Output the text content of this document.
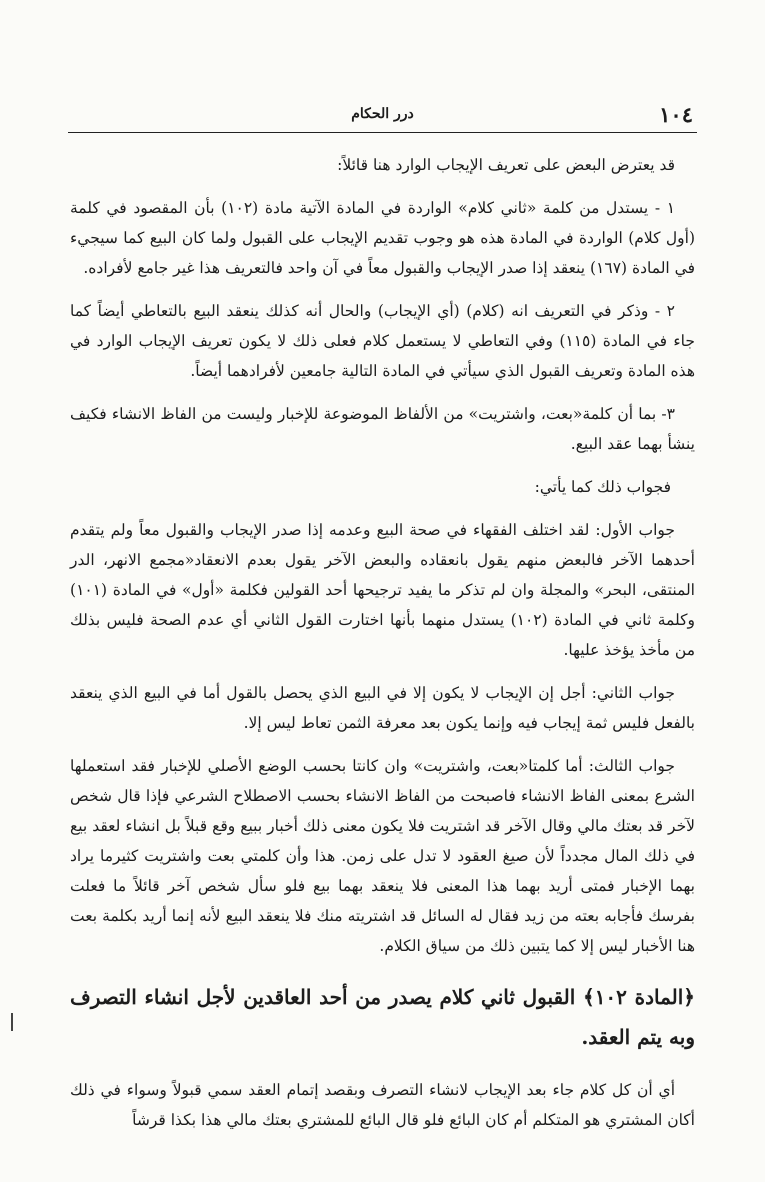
١٠٤
درر الحكام

قد يعترض البعض على تعريف الإيجاب الوارد هنا قائلاً:

١ - يستدل من كلمة «ثاني كلام» الواردة في المادة الآتية مادة (١٠٢) بأن المقصود في كلمة (أول كلام) الواردة في المادة هذه هو وجوب تقديم الإيجاب على القبول ولما كان البيع كما سيجيء في المادة (١٦٧) ينعقد إذا صدر الإيجاب والقبول معاً في آن واحد فالتعريف هذا غير جامع لأفراده.

٢ - وذكر في التعريف انه (كلام) (أي الإيجاب) والحال أنه كذلك ينعقد البيع بالتعاطي أيضاً كما جاء في المادة (١١٥) وفي التعاطي لا يستعمل كلام فعلى ذلك لا يكون تعريف الإيجاب الوارد في هذه المادة وتعريف القبول الذي سيأتي في المادة التالية جامعين لأفرادهما أيضاً.

٣- بما أن كلمة«بعت، واشتريت» من الألفاظ الموضوعة للإخبار وليست من الفاظ الانشاء فكيف ينشأ بهما عقد البيع.

فجواب ذلك كما يأتي:

جواب الأول: لقد اختلف الفقهاء في صحة البيع وعدمه إذا صدر الإيجاب والقبول معاً ولم يتقدم أحدهما الآخر فالبعض منهم يقول بانعقاده والبعض الآخر يقول بعدم الانعقاد«مجمع الانهر، الدر المنتقى، البحر» والمجلة وان لم تذكر ما يفيد ترجيحها أحد القولين فكلمة «أول» في المادة (١٠١) وكلمة ثاني في المادة (١٠٢) يستدل منهما بأنها اختارت القول الثاني أي عدم الصحة فليس بذلك من مأخذ يؤخذ عليها.

جواب الثاني: أجل إن الإيجاب لا يكون إلا في البيع الذي يحصل بالقول أما في البيع الذي ينعقد بالفعل فليس ثمة إيجاب فيه وإنما يكون بعد معرفة الثمن تعاط ليس إلا.

جواب الثالث: أما كلمتا«بعت، واشتريت» وان كانتا بحسب الوضع الأصلي للإخبار فقد استعملها الشرع بمعنى الفاظ الانشاء فاصبحت من الفاظ الانشاء بحسب الاصطلاح الشرعي فإذا قال شخص لآخر قد بعتك مالي وقال الآخر قد اشتريت فلا يكون معنى ذلك أخبار ببيع وقع قبلاً بل انشاء لعقد بيع في ذلك المال مجدداً لأن صيغ العقود لا تدل على زمن. هذا وأن كلمتي بعت واشتريت كثيرما يراد بهما الإخبار فمتى أريد بهما هذا المعنى فلا ينعقد بهما بيع فلو سأل شخص آخر قائلاً ما فعلت بفرسك فأجابه بعته من زيد فقال له السائل قد اشتريته منك فلا ينعقد البيع لأنه إنما أريد بكلمة بعت هنا الأخبار ليس إلا كما يتبين ذلك من سياق الكلام.

﴿المادة ١٠٢﴾ القبول ثاني كلام يصدر من أحد العاقدين لأجل انشاء التصرف وبه يتم العقد.

أي أن كل كلام جاء بعد الإيجاب لانشاء التصرف وبقصد إتمام العقد سمي قبولاً وسواء في ذلك أكان المشتري هو المتكلم أم كان البائع فلو قال البائع للمشتري بعتك مالي هذا بكذا قرشاً
